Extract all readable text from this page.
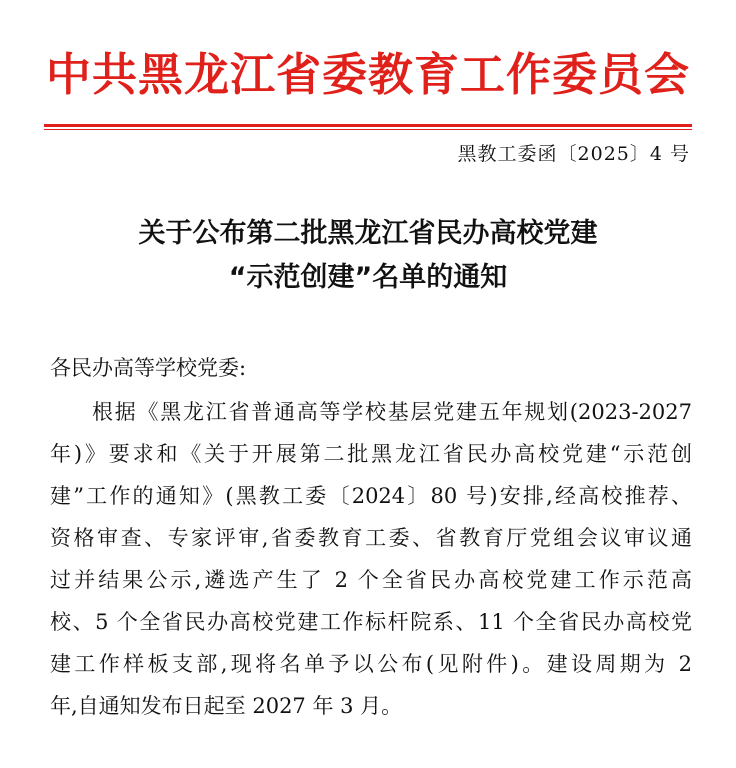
中共黑龙江省委教育工作委员会
黑教工委函〔2025〕4 号
关于公布第二批黑龙江省民办高校党建
“示范创建”名单的通知
各民办高等学校党委:
根据《黑龙江省普通高等学校基层党建五年规划(2023-2027
年)》要求和《关于开展第二批黑龙江省民办高校党建“示范创
建”工作的通知》(黑教工委〔2024〕80 号)安排,经高校推荐、
资格审查、专家评审,省委教育工委、省教育厅党组会议审议通
过并结果公示,遴选产生了 2 个全省民办高校党建工作示范高
校、5 个全省民办高校党建工作标杆院系、11 个全省民办高校党
建工作样板支部,现将名单予以公布(见附件)。建设周期为 2
年,自通知发布日起至 2027 年 3 月。
